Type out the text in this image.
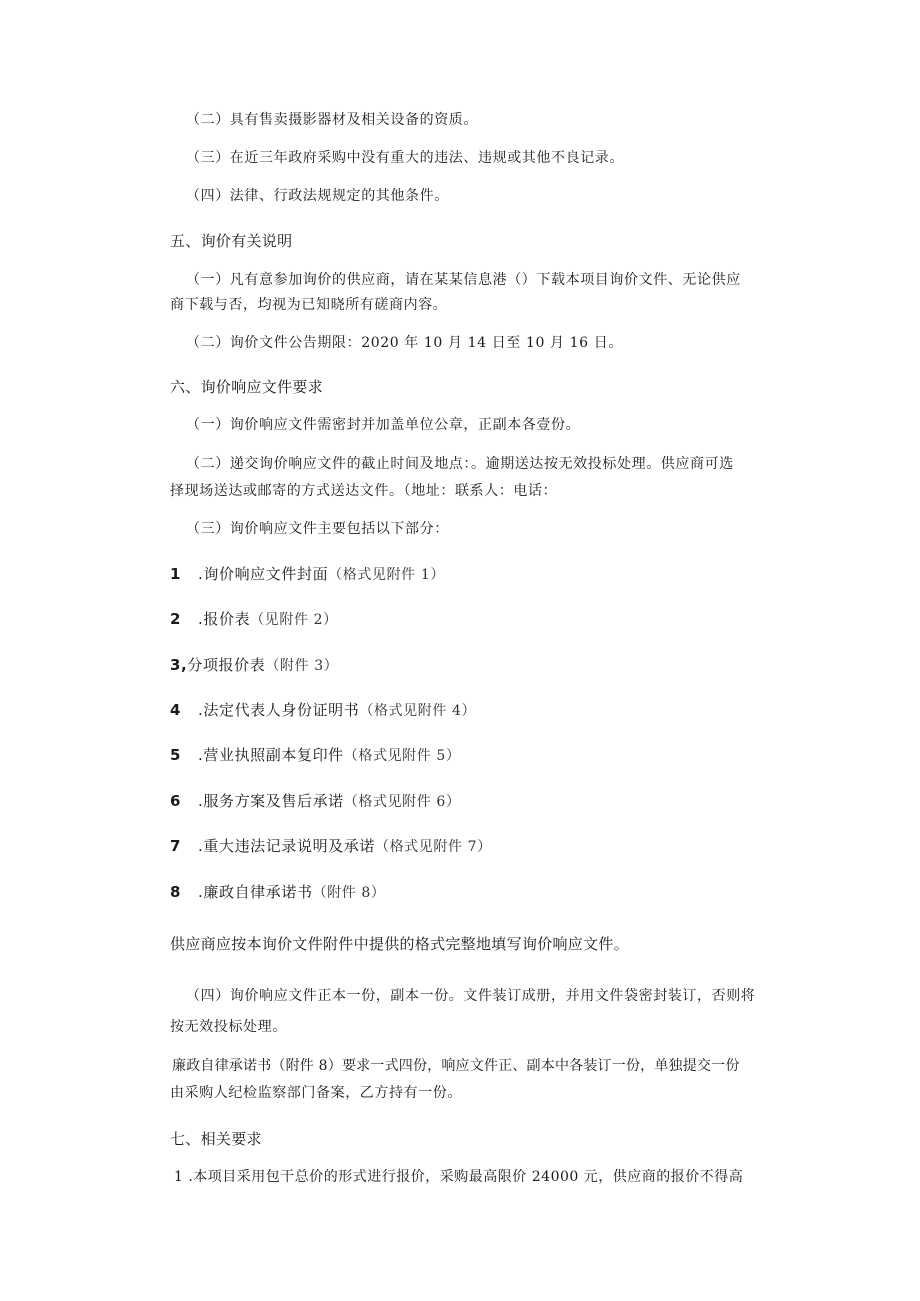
（二）具有售卖摄影器材及相关设备的资质。
（三）在近三年政府采购中没有重大的违法、违规或其他不良记录。
（四）法律、行政法规规定的其他条件。
五、询价有关说明
（一）凡有意参加询价的供应商，请在某某信息港（）下载本项目询价文件、无论供应
商下载与否，均视为已知晓所有磋商内容。
（二）询价文件公告期限：2020 年 10 月 14 日至 10 月 16 日。
六、询价响应文件要求
（一）询价响应文件需密封并加盖单位公章，正副本各壹份。
（二）递交询价响应文件的截止时间及地点：。逾期送达按无效投标处理。供应商可选
择现场送达或邮寄的方式送达文件。（地址：联系人：电话：
（三）询价响应文件主要包括以下部分：
1 .询价响应文件封面（格式见附件 1）
2 .报价表（见附件 2）
3,分项报价表（附件 3）
4 .法定代表人身份证明书（格式见附件 4）
5 .营业执照副本复印件（格式见附件 5）
6 .服务方案及售后承诺（格式见附件 6）
7 .重大违法记录说明及承诺（格式见附件 7）
8 .廉政自律承诺书（附件 8）
供应商应按本询价文件附件中提供的格式完整地填写询价响应文件。
（四）询价响应文件正本一份，副本一份。文件装订成册，并用文件袋密封装订，否则将
按无效投标处理。
廉政自律承诺书（附件 8）要求一式四份，响应文件正、副本中各装订一份，单独提交一份
由采购人纪检监察部门备案，乙方持有一份。
七、相关要求
1 .本项目采用包干总价的形式进行报价，采购最高限价 24000 元，供应商的报价不得高
